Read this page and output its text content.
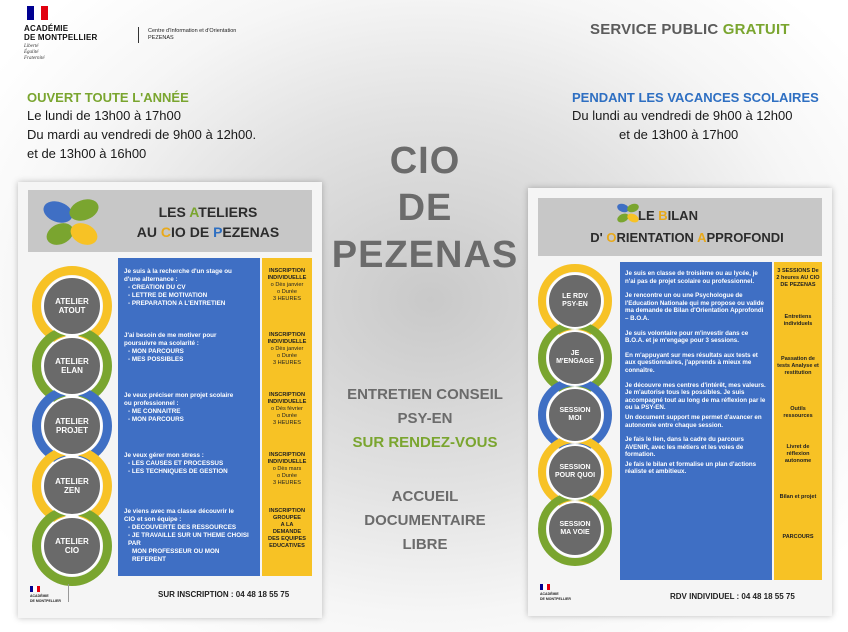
ACADÉMIE
DE MONTPELLIER
Liberté
Égalité
Fraternité
Centre d'Information et d'Orientation
PEZENAS	SERVICE PUBLIC GRATUIT
OUVERT TOUTE L'ANNÉE
Le lundi de 13h00 à 17h00
Du mardi au vendredi de 9h00 à 12h00.
et de 13h00 à 16h00
PENDANT LES VACANCES SCOLAIRES
Du lundi au vendredi de 9h00 à 12h00
et de 13h00 à 17h00
CIO
DE
PEZENAS
ENTRETIEN CONSEIL
PSY-EN
SUR RENDEZ-VOUS
ACCUEIL
DOCUMENTAIRE
LIBRE
LES ATELIERS
AU CIO DE PEZENAS
ATELIER
ATOUT
ATELIER
ELAN
ATELIER
PROJET
ATELIER
ZEN
ATELIER
CIO
Je suis à la recherche d'un stage ou
d'une alternance :
- CREATION DU CV
- LETTRE DE MOTIVATION
- PREPARATION A L'ENTRETIEN
J'ai besoin de me motiver pour
poursuivre ma scolarité :
- MON PARCOURS
- MES POSSIBLES
Je veux préciser mon projet scolaire
ou professionnel :
- ME CONNAITRE
- MON PARCOURS
Je veux gérer mon stress :
- LES CAUSES ET PROCESSUS
- LES TECHNIQUES DE GESTION
Je viens avec ma classe découvrir le
CIO et son équipe :
- DECOUVERTE DES RESSOURCES
- JE TRAVAILLE SUR UN THEME CHOISI PAR
MON PROFESSEUR OU MON REFERENT
INSCRIPTION
INDIVIDUELLE
o Dès janvier
o Durée
3 HEURES
INSCRIPTION
INDIVIDUELLE
o Dès janvier
o Durée
3 HEURES
INSCRIPTION
INDIVIDUELLE
o Dès février
o Durée
3 HEURES
INSCRIPTION
INDIVIDUELLE
o Dès mars
o Durée
3 HEURES
INSCRIPTION
GROUPEE
A LA
DEMANDE
DES EQUIPES
EDUCATIVES
ACADÉMIE
DE MONTPELLIER
SUR INSCRIPTION : 04 48 18 55 75
LE BILAN
D' ORIENTATION APPROFONDI
LE RDV
PSY-EN
JE
M'ENGAGE
SESSION
MOI
SESSION
POUR QUOI
SESSION
MA VOIE
Je suis en classe de troisième ou au lycée, je n'ai pas de projet scolaire ou professionnel.
Je rencontre un ou une Psychologue de l'Education Nationale qui me propose ou valide ma demande de Bilan d'Orientation Approfondi – B.O.A.
Je suis volontaire pour m'investir dans ce B.O.A. et je m'engage pour 3 sessions.
En m'appuyant sur mes résultats aux tests et aux questionnaires, j'apprends à mieux me connaître.
Je découvre mes centres d'intérêt, mes valeurs. Je m'autorise tous les possibles. Je suis accompagné tout au long de ma réflexion par le ou la PSY-EN.
Un document support me permet d'avancer en autonomie entre chaque session.
Je fais le lien, dans la cadre du parcours AVENIR, avec les métiers et les voies de formation.
Je fais le bilan et formalise un plan d'actions réaliste et ambitieux.
3 SESSIONS De 2 heures AU CIO DE PEZENAS
Entretiens individuels
Passation de tests Analyse et restitution
Outils ressources
Livret de réflexion autonome
Bilan et projet
PARCOURS
ACADÉMIE
DE MONTPELLIER	RDV INDIVIDUEL : 04 48 18 55 75
